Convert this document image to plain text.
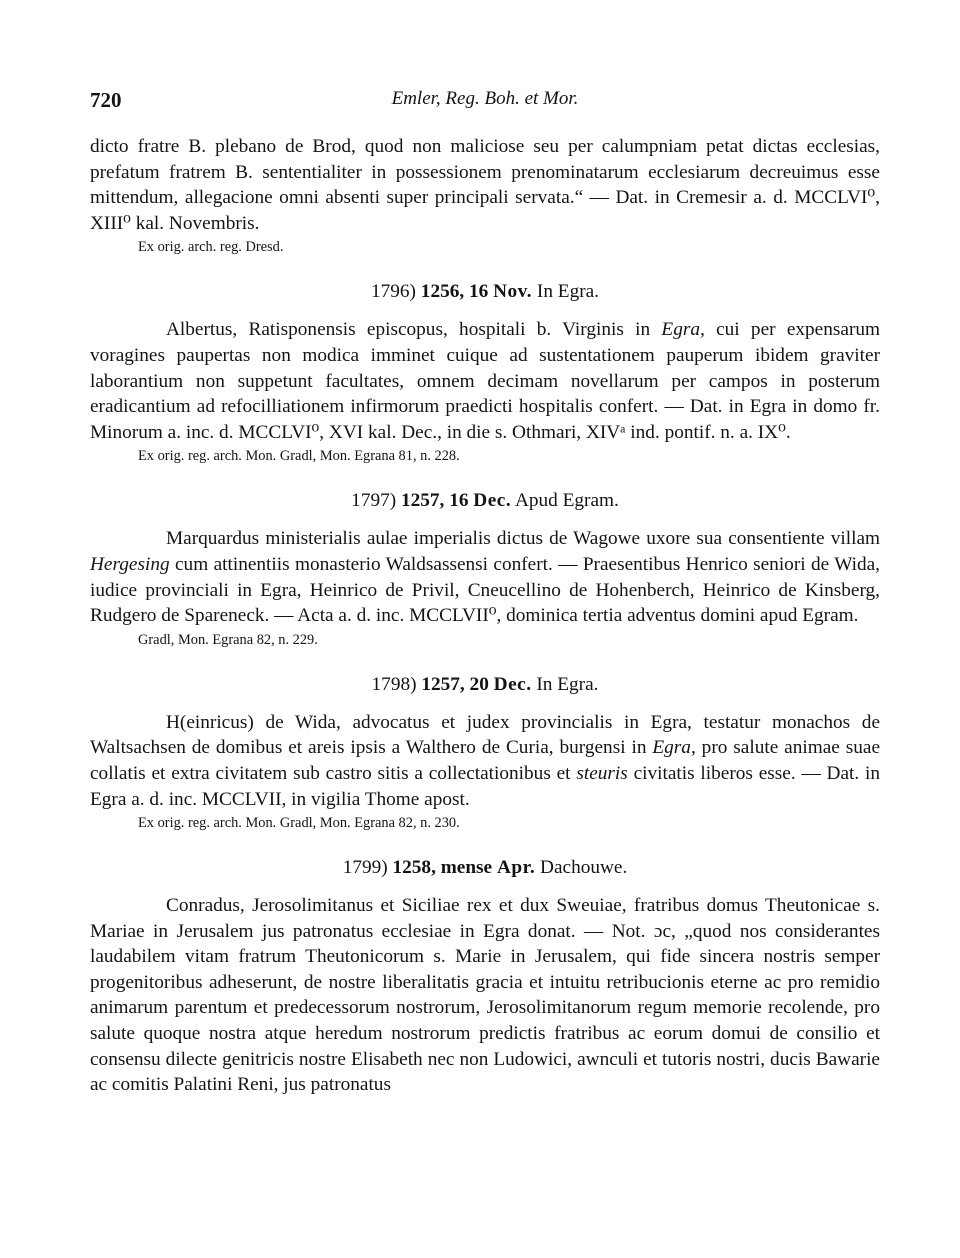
720	Emler, Reg. Boh. et Mor.

dicto fratre B. plebano de Brod, quod non maliciose seu per calumpniam petat dictas ecclesias, prefatum fratrem B. sententialiter in possessionem prenominatarum ecclesiarum decreuimus esse mittendum, allegacione omni absenti super principali servata.“ — Dat. in Cremesir a. d. MCCLVI⁰, XIII⁰ kal. Novembris.

Ex orig. arch. reg. Dresd.

1796) 1256, 16 Nov. In Egra.

Albertus, Ratisponensis episcopus, hospitali b. Virginis in Egra, cui per expensarum voragines paupertas non modica imminet cuique ad sustentationem pauperum ibidem graviter laborantium non suppetunt facultates, omnem decimam novellarum per campos in posterum eradicantium ad refocilliationem infirmorum praedicti hospitalis confert. — Dat. in Egra in domo fr. Minorum a. inc. d. MCCLVI⁰, XVI kal. Dec., in die s. Othmari, XIVᵃ ind. pontif. n. a. IX⁰.

Ex orig. reg. arch. Mon. Gradl, Mon. Egrana 81, n. 228.

1797) 1257, 16 Dec. Apud Egram.

Marquardus ministerialis aulae imperialis dictus de Wagowe uxore sua consentiente villam Hergesing cum attinentiis monasterio Waldsassensi confert. — Praesentibus Henrico seniori de Wida, iudice provinciali in Egra, Heinrico de Privil, Cneucellino de Hohenberch, Heinrico de Kinsberg, Rudgero de Spareneck. — Acta a. d. inc. MCCLVII⁰, dominica tertia adventus domini apud Egram.

Gradl, Mon. Egrana 82, n. 229.

1798) 1257, 20 Dec. In Egra.

H(einricus) de Wida, advocatus et judex provincialis in Egra, testatur monachos de Waltsachsen de domibus et areis ipsis a Walthero de Curia, burgensi in Egra, pro salute animae suae collatis et extra civitatem sub castro sitis a collectationibus et steuris civitatis liberos esse. — Dat. in Egra a. d. inc. MCCLVII, in vigilia Thome apost.

Ex orig. reg. arch. Mon. Gradl, Mon. Egrana 82, n. 230.

1799) 1258, mense Apr. Dachouwe.

Conradus, Jerosolimitanus et Siciliae rex et dux Sweuiae, fratribus domus Theutonicae s. Mariae in Jerusalem jus patronatus ecclesiae in Egra donat. — Not. ɔc, „quod nos considerantes laudabilem vitam fratrum Theutonicorum s. Marie in Jerusalem, qui fide sincera nostris semper progenitoribus adheserunt, de nostre liberalitatis gracia et intuitu retribucionis eterne ac pro remidio animarum parentum et predecessorum nostrorum, Jerosolimitanorum regum memorie recolende, pro salute quoque nostra atque heredum nostrorum predictis fratribus ac eorum domui de consilio et consensu dilecte genitricis nostre Elisabeth nec non Ludowici, awnculi et tutoris nostri, ducis Bawarie ac comitis Palatini Reni, jus patronatus
